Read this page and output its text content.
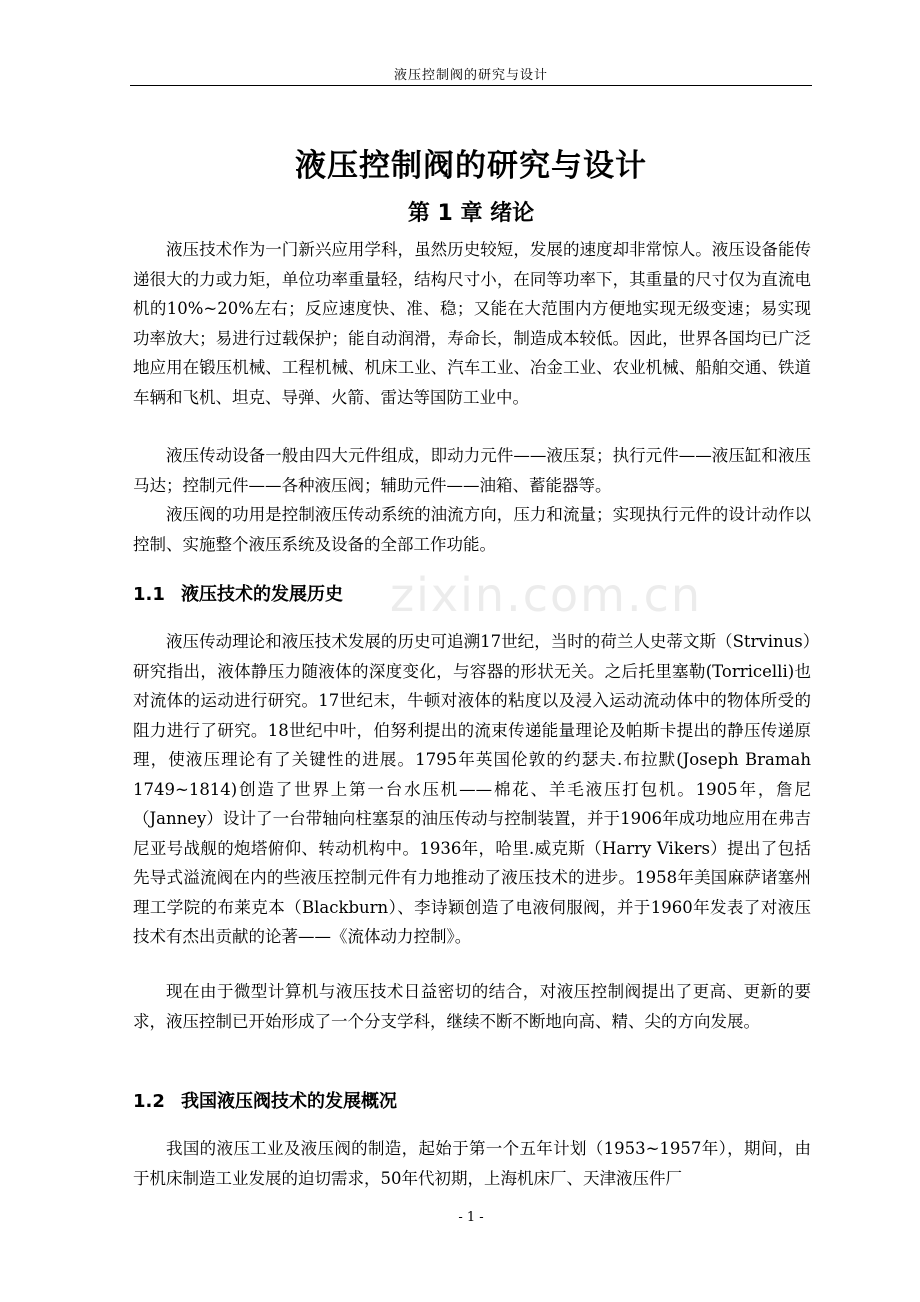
液压控制阀的研究与设计
液压控制阀的研究与设计
第 1 章 绪论

液压技术作为一门新兴应用学科，虽然历史较短，发展的速度却非常惊人。液压设备能传递很大的力或力矩，单位功率重量轻，结构尺寸小，在同等功率下，其重量的尺寸仅为直流电机的10%~20%左右；反应速度快、准、稳；又能在大范围内方便地实现无级变速；易实现功率放大；易进行过载保护；能自动润滑，寿命长，制造成本较低。因此，世界各国均已广泛地应用在锻压机械、工程机械、机床工业、汽车工业、冶金工业、农业机械、船舶交通、铁道车辆和飞机、坦克、导弹、火箭、雷达等国防工业中。

液压传动设备一般由四大元件组成，即动力元件——液压泵；执行元件——液压缸和液压马达；控制元件——各种液压阀；辅助元件——油箱、蓄能器等。

液压阀的功用是控制液压传动系统的油流方向，压力和流量；实现执行元件的设计动作以控制、实施整个液压系统及设备的全部工作功能。

1.1 液压技术的发展历史	zixin.com.cn

液压传动理论和液压技术发展的历史可追溯17世纪，当时的荷兰人史蒂文斯（Strvinus）研究指出，液体静压力随液体的深度变化，与容器的形状无关。之后托里塞勒(Torricelli)也对流体的运动进行研究。17世纪末，牛顿对液体的粘度以及浸入运动流动体中的物体所受的阻力进行了研究。18世纪中叶，伯努利提出的流束传递能量理论及帕斯卡提出的静压传递原理，使液压理论有了关键性的进展。1795年英国伦敦的约瑟夫.布拉默(Joseph Bramah 1749~1814)创造了世界上第一台水压机——棉花、羊毛液压打包机。1905年，詹尼（Janney）设计了一台带轴向柱塞泵的油压传动与控制装置，并于1906年成功地应用在弗吉尼亚号战舰的炮塔俯仰、转动机构中。1936年，哈里.威克斯（Harry Vikers）提出了包括先导式溢流阀在内的些液压控制元件有力地推动了液压技术的进步。1958年美国麻萨诸塞州理工学院的布莱克本（Blackburn）、李诗颖创造了电液伺服阀，并于1960年发表了对液压技术有杰出贡献的论著——《流体动力控制》。

现在由于微型计算机与液压技术日益密切的结合，对液压控制阀提出了更高、更新的要求，液压控制已开始形成了一个分支学科，继续不断不断地向高、精、尖的方向发展。

1.2 我国液压阀技术的发展概况

我国的液压工业及液压阀的制造，起始于第一个五年计划（1953~1957年），期间，由于机床制造工业发展的迫切需求，50年代初期，上海机床厂、天津液压件厂

- 1 -
